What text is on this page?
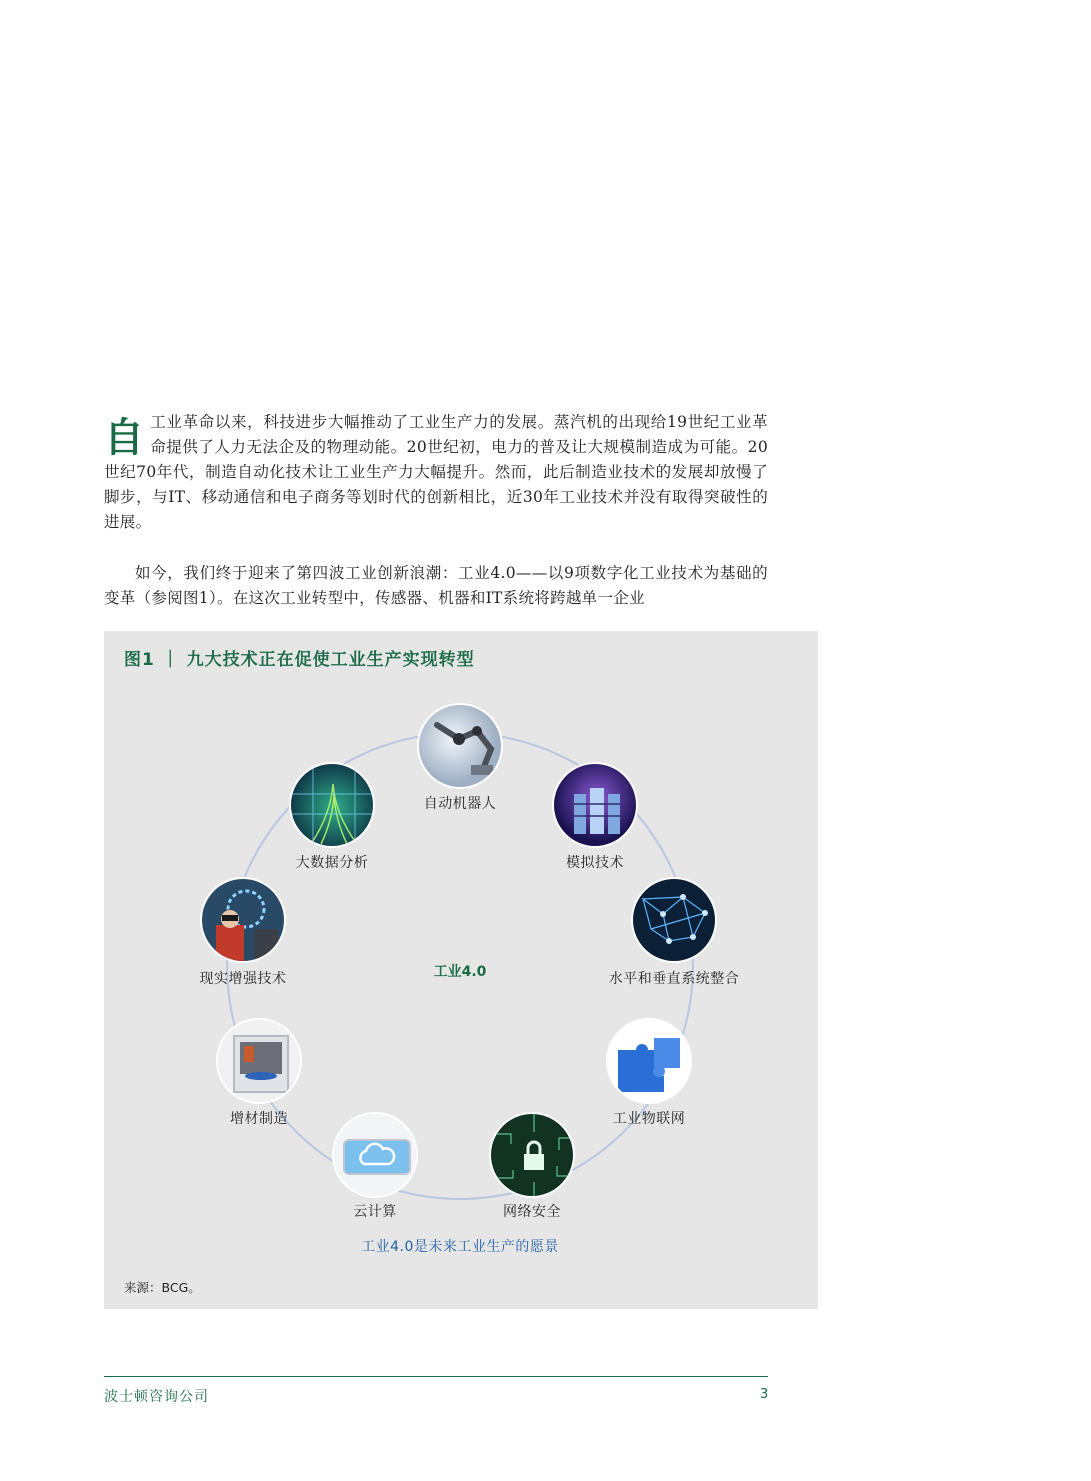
自工业革命以来，科技进步大幅推动了工业生产力的发展。蒸汽机的出现给19世纪工业革命提供了人力无法企及的物理动能。20世纪初，电力的普及让大规模制造成为可能。20世纪70年代，制造自动化技术让工业生产力大幅提升。然而，此后制造业技术的发展却放慢了脚步，与IT、移动通信和电子商务等划时代的创新相比，近30年工业技术并没有取得突破性的进展。

如今，我们终于迎来了第四波工业创新浪潮：工业4.0——以9项数字化工业技术为基础的变革（参阅图1）。在这次工业转型中，传感器、机器和IT系统将跨越单一企业

图1 ｜ 九大技术正在促使工业生产实现转型
自动机器人
模拟技术
水平和垂直系统整合
工业物联网
网络安全
云计算
增材制造
现实增强技术
大数据分析
工业4.0
工业4.0是未来工业生产的愿景
来源：BCG。
波士顿咨询公司	3
